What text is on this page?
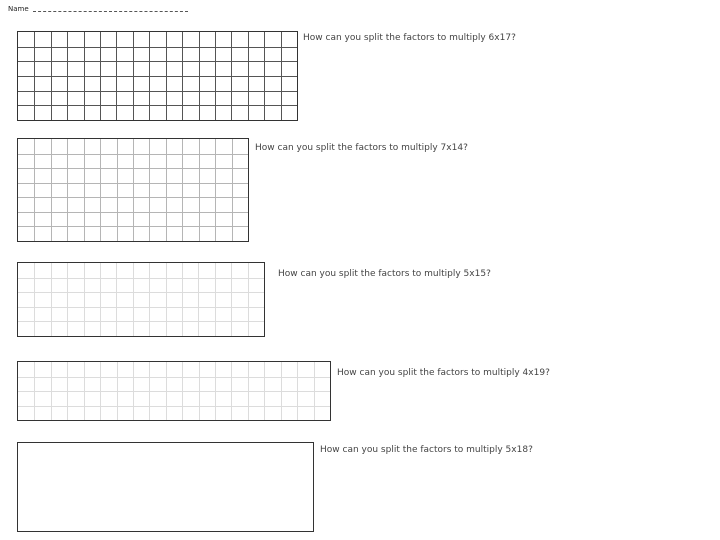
Name
How can you split the factors to multiply 6x17?
How can you split the factors to multiply 7x14?
How can you split the factors to multiply 5x15?
How can you split the factors to multiply 4x19?
How can you split the factors to multiply 5x18?
